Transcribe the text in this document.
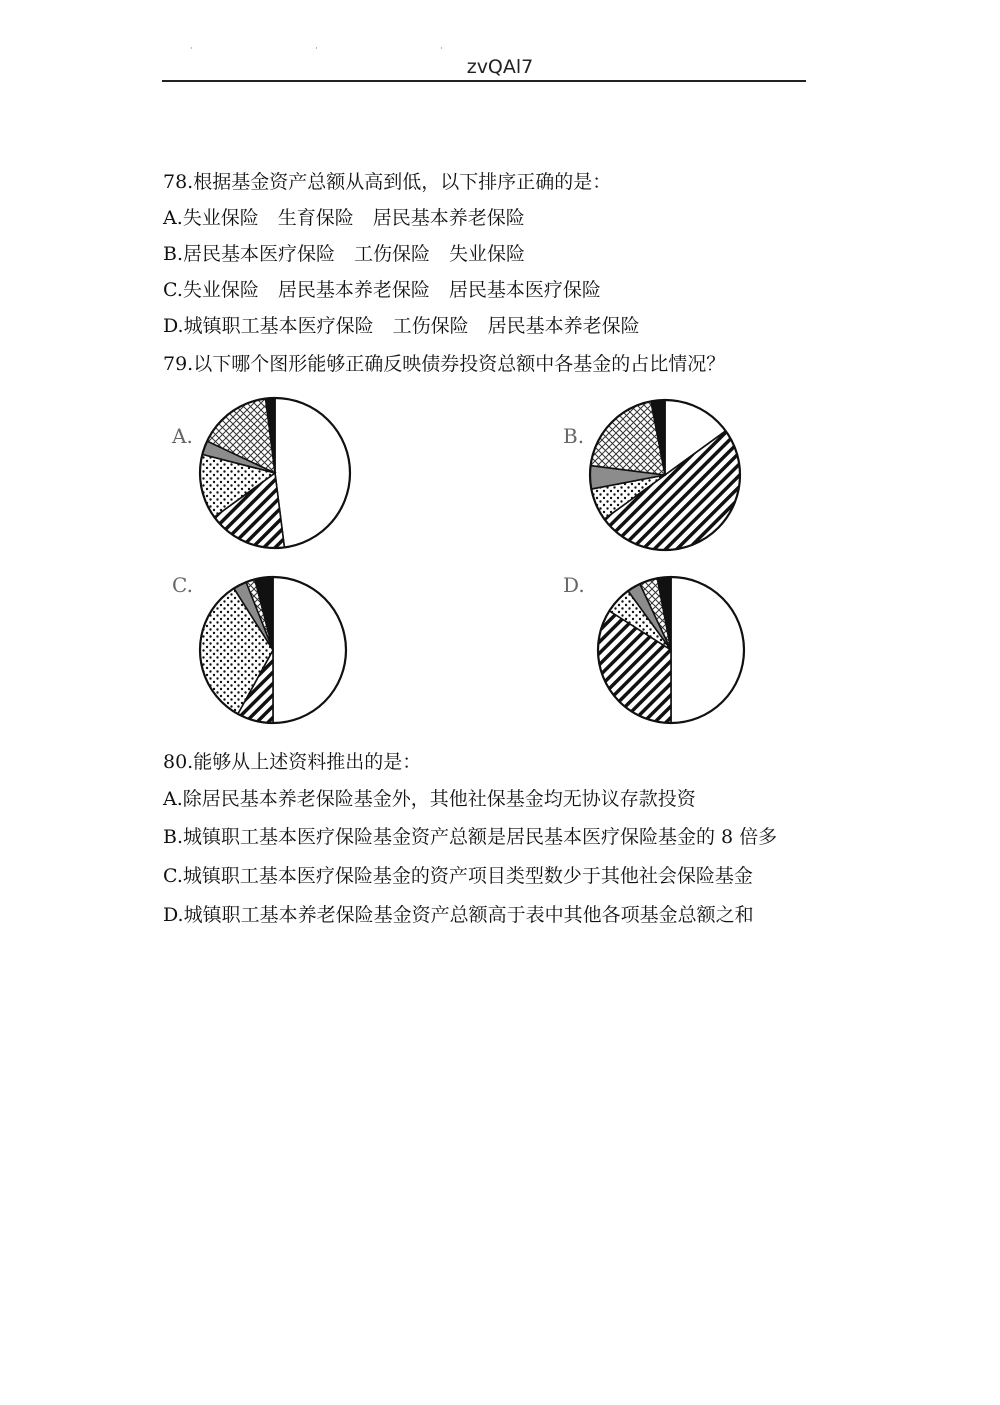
· · ·
zvQAl7
78.根据基金资产总额从高到低，以下排序正确的是：
A.失业保险　生育保险　居民基本养老保险
B.居民基本医疗保险　工伤保险　失业保险
C.失业保险　居民基本养老保险　居民基本医疗保险
D.城镇职工基本医疗保险　工伤保险　居民基本养老保险
79.以下哪个图形能够正确反映债券投资总额中各基金的占比情况？
A.	B.
C.	D.
80.能够从上述资料推出的是：
A.除居民基本养老保险基金外，其他社保基金均无协议存款投资
B.城镇职工基本医疗保险基金资产总额是居民基本医疗保险基金的 8 倍多
C.城镇职工基本医疗保险基金的资产项目类型数少于其他社会保险基金
D.城镇职工基本养老保险基金资产总额高于表中其他各项基金总额之和
